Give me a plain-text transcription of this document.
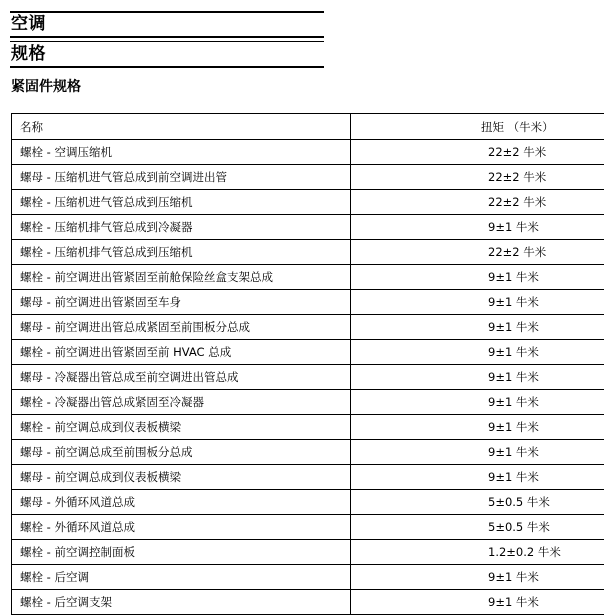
空调
规格
紧固件规格
名称	扭矩 （牛米）
螺栓 - 空调压缩机	22±2 牛米
螺母 - 压缩机进气管总成到前空调进出管	22±2 牛米
螺栓 - 压缩机进气管总成到压缩机	22±2 牛米
螺栓 - 压缩机排气管总成到冷凝器	9±1 牛米
螺栓 - 压缩机排气管总成到压缩机	22±2 牛米
螺栓 - 前空调进出管紧固至前舱保险丝盒支架总成	9±1 牛米
螺母 - 前空调进出管紧固至车身	9±1 牛米
螺母 - 前空调进出管总成紧固至前围板分总成	9±1 牛米
螺栓 - 前空调进出管紧固至前 HVAC 总成	9±1 牛米
螺母 - 冷凝器出管总成至前空调进出管总成	9±1 牛米
螺栓 - 冷凝器出管总成紧固至冷凝器	9±1 牛米
螺栓 - 前空调总成到仪表板横梁	9±1 牛米
螺母 - 前空调总成至前围板分总成	9±1 牛米
螺母 - 前空调总成到仪表板横梁	9±1 牛米
螺母 - 外循环风道总成	5±0.5 牛米
螺栓 - 外循环风道总成	5±0.5 牛米
螺栓 - 前空调控制面板	1.2±0.2 牛米
螺栓 - 后空调	9±1 牛米
螺栓 - 后空调支架	9±1 牛米
